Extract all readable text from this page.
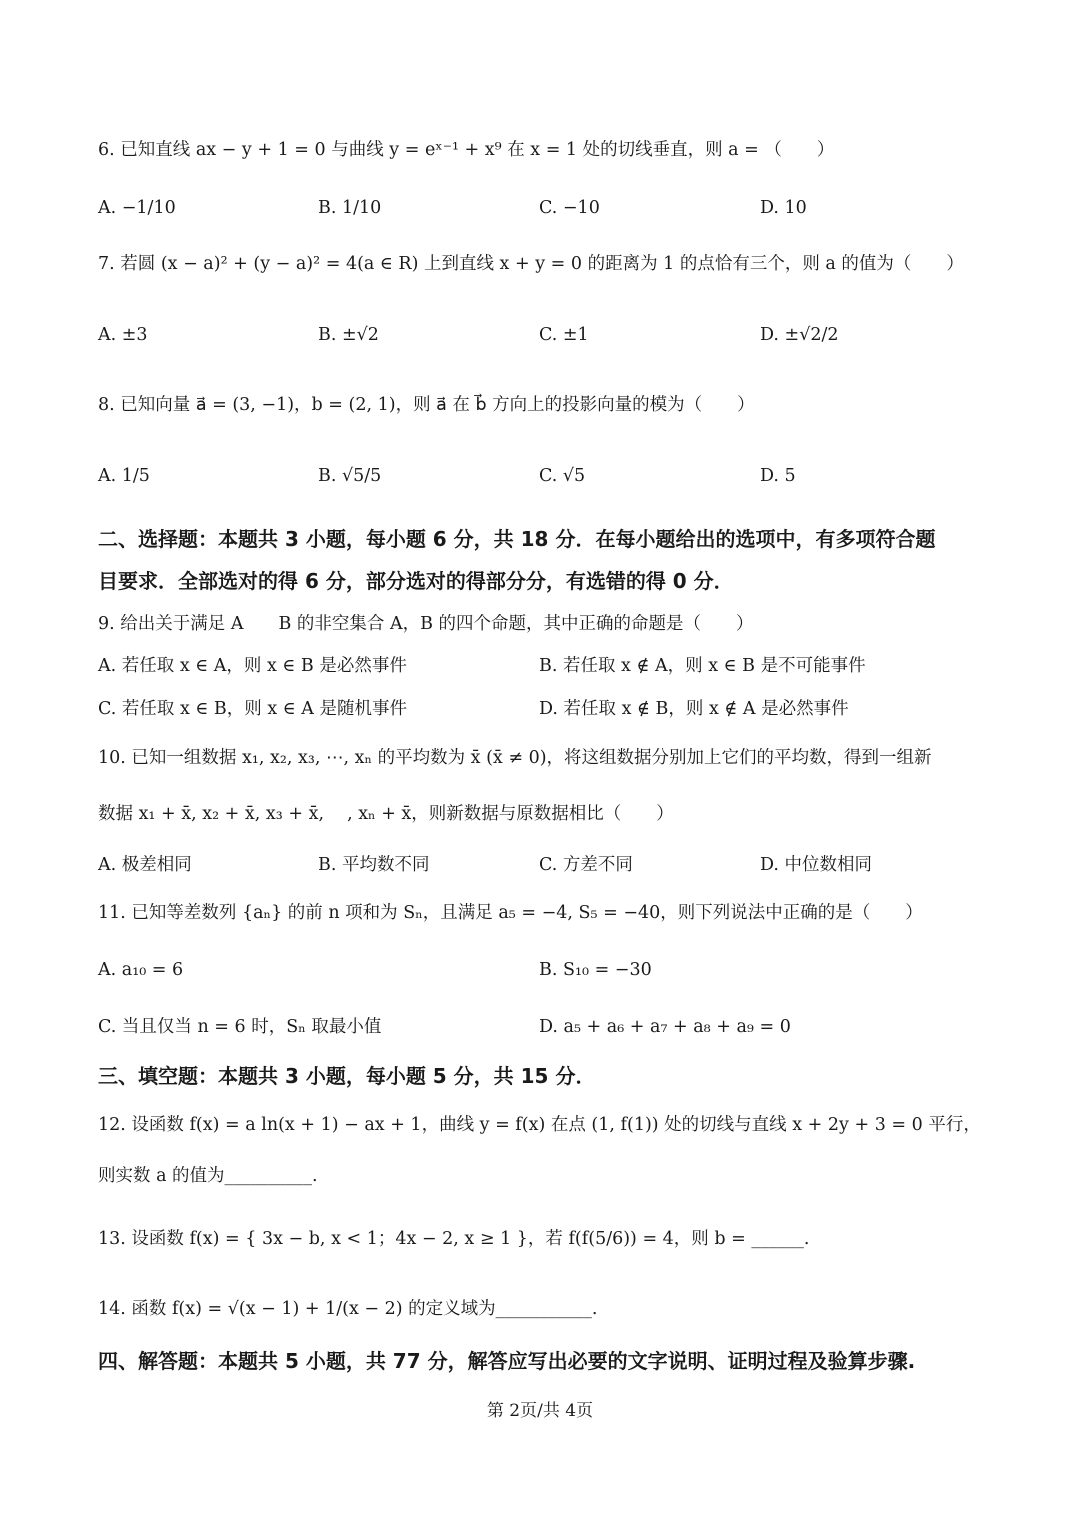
6. 已知直线 ax − y + 1 = 0 与曲线 y = eˣ⁻¹ + x⁹ 在 x = 1 处的切线垂直，则 a = （　　）
A. −1/10	B. 1/10	C. −10	D. 10
7. 若圆 (x − a)² + (y − a)² = 4(a ∈ R) 上到直线 x + y = 0 的距离为 1 的点恰有三个，则 a 的值为（　　）
A. ±3	B. ±√2	C. ±1	D. ±√2/2
8. 已知向量 a⃗ = (3, −1)，b = (2, 1)，则 a⃗ 在 b⃗ 方向上的投影向量的模为（　　）
A. 1/5	B. √5/5	C. √5	D. 5
二、选择题：本题共 3 小题，每小题 6 分，共 18 分．在每小题给出的选项中，有多项符合题
目要求．全部选对的得 6 分，部分选对的得部分分，有选错的得 0 分．
9. 给出关于满足 A　　B 的非空集合 A，B 的四个命题，其中正确的命题是（　　）
A. 若任取 x ∈ A，则 x ∈ B 是必然事件	B. 若任取 x ∉ A，则 x ∈ B 是不可能事件
C. 若任取 x ∈ B，则 x ∈ A 是随机事件	D. 若任取 x ∉ B，则 x ∉ A 是必然事件
10. 已知一组数据 x₁, x₂, x₃, ⋯, xₙ 的平均数为 x̄ (x̄ ≠ 0)，将这组数据分别加上它们的平均数，得到一组新
数据 x₁ + x̄, x₂ + x̄, x₃ + x̄,　 , xₙ + x̄，则新数据与原数据相比（　　）
A. 极差相同	B. 平均数不同	C. 方差不同	D. 中位数相同
11. 已知等差数列 {aₙ} 的前 n 项和为 Sₙ，且满足 a₅ = −4, S₅ = −40，则下列说法中正确的是（　　）
A. a₁₀ = 6	B. S₁₀ = −30
C. 当且仅当 n = 6 时，Sₙ 取最小值	D. a₅ + a₆ + a₇ + a₈ + a₉ = 0
三、填空题：本题共 3 小题，每小题 5 分，共 15 分．
12. 设函数 f(x) = a ln(x + 1) − ax + 1，曲线 y = f(x) 在点 (1, f(1)) 处的切线与直线 x + 2y + 3 = 0 平行，
则实数 a 的值为__________.
13. 设函数 f(x) = { 3x − b, x < 1；4x − 2, x ≥ 1 }，若 f(f(5/6)) = 4，则 b = ______.
14. 函数 f(x) = √(x − 1) + 1/(x − 2) 的定义域为___________.
四、解答题：本题共 5 小题，共 77 分，解答应写出必要的文字说明、证明过程及验算步骤.
第 2页/共 4页
